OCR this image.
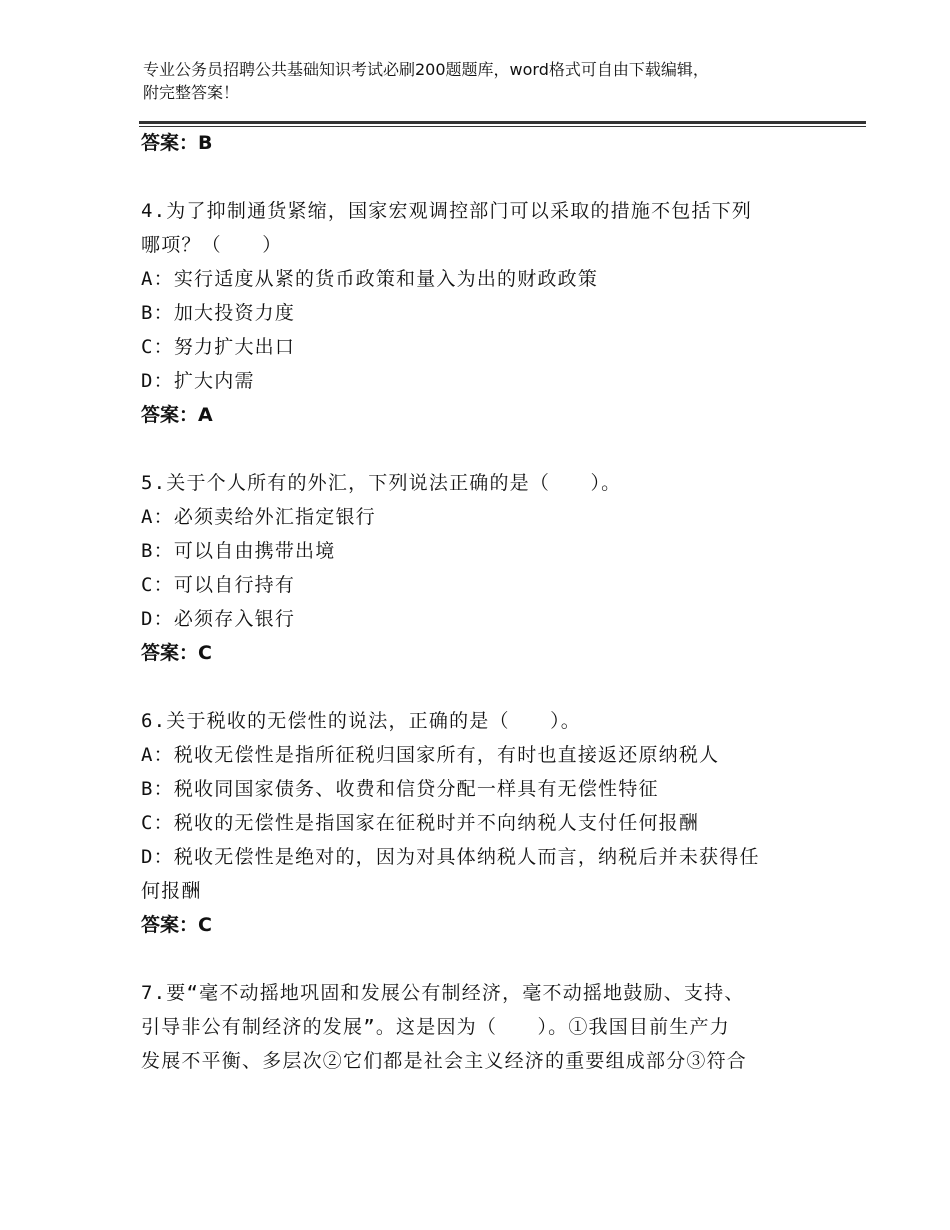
专业公务员招聘公共基础知识考试必刷200题题库，word格式可自由下载编辑，
附完整答案！

答案：B

4.为了抑制通货紧缩，国家宏观调控部门可以采取的措施不包括下列

哪项？（　　）

A：实行适度从紧的货币政策和量入为出的财政政策

B：加大投资力度

C：努力扩大出口

D：扩大内需

答案：A

5.关于个人所有的外汇，下列说法正确的是（　　）。

A：必须卖给外汇指定银行

B：可以自由携带出境

C：可以自行持有

D：必须存入银行

答案：C

6.关于税收的无偿性的说法，正确的是（　　）。

A：税收无偿性是指所征税归国家所有，有时也直接返还原纳税人

B：税收同国家债务、收费和信贷分配一样具有无偿性特征

C：税收的无偿性是指国家在征税时并不向纳税人支付任何报酬

D：税收无偿性是绝对的，因为对具体纳税人而言，纳税后并未获得任

何报酬

答案：C

7.要“毫不动摇地巩固和发展公有制经济，毫不动摇地鼓励、支持、

引导非公有制经济的发展”。这是因为（　　）。①我国目前生产力

发展不平衡、多层次②它们都是社会主义经济的重要组成部分③符合
